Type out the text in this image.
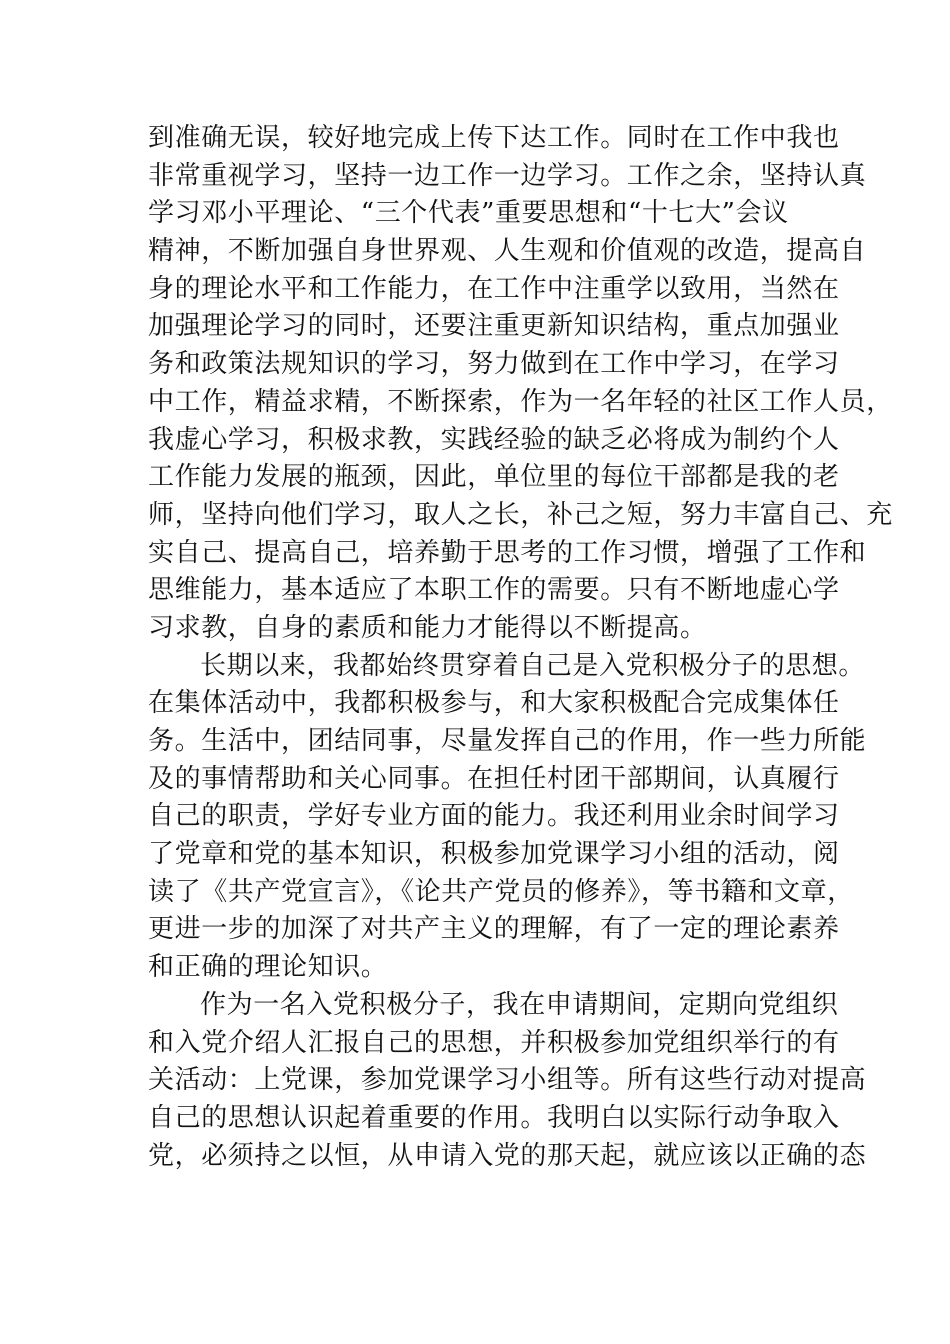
到准确无误，较好地完成上传下达工作。同时在工作中我也
非常重视学习，坚持一边工作一边学习。工作之余，坚持认真
学习邓小平理论、“三个代表”重要思想和“十七大”会议
精神，不断加强自身世界观、人生观和价值观的改造，提高自
身的理论水平和工作能力，在工作中注重学以致用，当然在
加强理论学习的同时，还要注重更新知识结构，重点加强业
务和政策法规知识的学习，努力做到在工作中学习，在学习
中工作，精益求精，不断探索，作为一名年轻的社区工作人员，
我虚心学习，积极求教，实践经验的缺乏必将成为制约个人
工作能力发展的瓶颈，因此，单位里的每位干部都是我的老
师，坚持向他们学习，取人之长，补己之短，努力丰富自己、充
实自己、提高自己，培养勤于思考的工作习惯，增强了工作和
思维能力，基本适应了本职工作的需要。只有不断地虚心学
习求教，自身的素质和能力才能得以不断提高。
长期以来，我都始终贯穿着自己是入党积极分子的思想。
在集体活动中，我都积极参与，和大家积极配合完成集体任
务。生活中，团结同事，尽量发挥自己的作用，作一些力所能
及的事情帮助和关心同事。在担任村团干部期间，认真履行
自己的职责，学好专业方面的能力。我还利用业余时间学习
了党章和党的基本知识，积极参加党课学习小组的活动，阅
读了《共产党宣言》，《论共产党员的修养》，等书籍和文章，
更进一步的加深了对共产主义的理解，有了一定的理论素养
和正确的理论知识。
作为一名入党积极分子，我在申请期间，定期向党组织
和入党介绍人汇报自己的思想，并积极参加党组织举行的有
关活动：上党课，参加党课学习小组等。所有这些行动对提高
自己的思想认识起着重要的作用。我明白以实际行动争取入
党，必须持之以恒，从申请入党的那天起，就应该以正确的态
